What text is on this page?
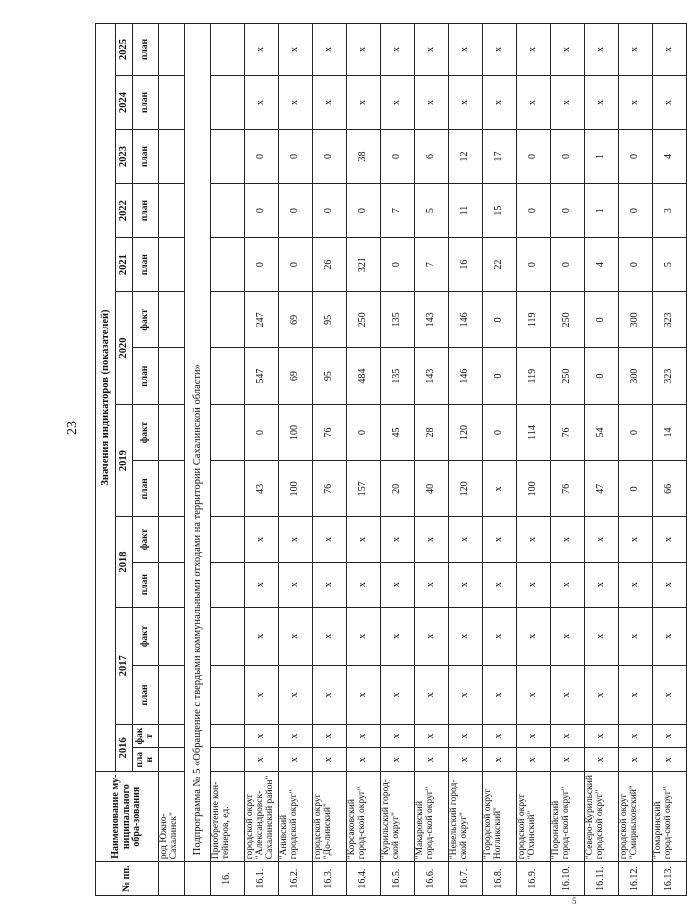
23
№ пп.	Наименование му-ниципального обра-зования	Значения индикаторов (показателей)														
		2016		2017		2018		2019		2020		2021	2022	2023	2024	2025
		пла н	фак т	план	факт	план	факт	план	факт	план	факт	план	план	план	план	план
	род Южно-Сахалинск"															
	Подпрограмма № 5 «Обращение с твердыми коммунальными отходами на территории Сахалинской области»															
16.	Приобретение кон-тейнеров, ед.															
16.1.	городской округ "Александровск-Сахалинский район"	x	x	x	x	x	x	43	0	547	247	0	0	0	x	x
16.2.	"Анивский городской округ"	x	x	x	x	x	x	100	100	69	69	0	0	0	x	x
16.3.	городской округ "До-линский"	x	x	x	x	x	x	76	76	95	95	26	0	0	x	x
16.4.	"Корсаковский город-ской округ"	x	x	x	x	x	x	157	0	484	250	321	0	38	x	x
16.5.	"Курильский город-ской округ"	x	x	x	x	x	x	20	45	135	135	0	7	0	x	x
16.6.	"Макаровский город-ской округ"	x	x	x	x	x	x	40	28	143	143	7	5	6	x	x
16.7.	"Невельский город-ской округ"	x	x	x	x	x	x	120	120	146	146	16	11	12	x	x
16.8.	"Городской округ Ногликский"	x	x	x	x	x	x	x	0	0	0	22	15	17	x	x
16.9.	городской округ "Охинский"	x	x	x	x	x	x	100	114	119	119	0	0	0	x	x
16.10.	"Поронайский город-ской округ"	x	x	x	x	x	x	76	76	250	250	0	0	0	x	x
16.11.	"Северо-Курильский городской округ"	x	x	x	x	x	x	47	54	0	0	4	1	1	x	x
16.12.	городской округ "Смирныховский"	x	x	x	x	x	x	0	0	300	300	0	0	0	x	x
16.13.	"Томаринский город-ской округ"	x	x	x	x	x	x	66	14	323	323	5	3	4	x	x
5
